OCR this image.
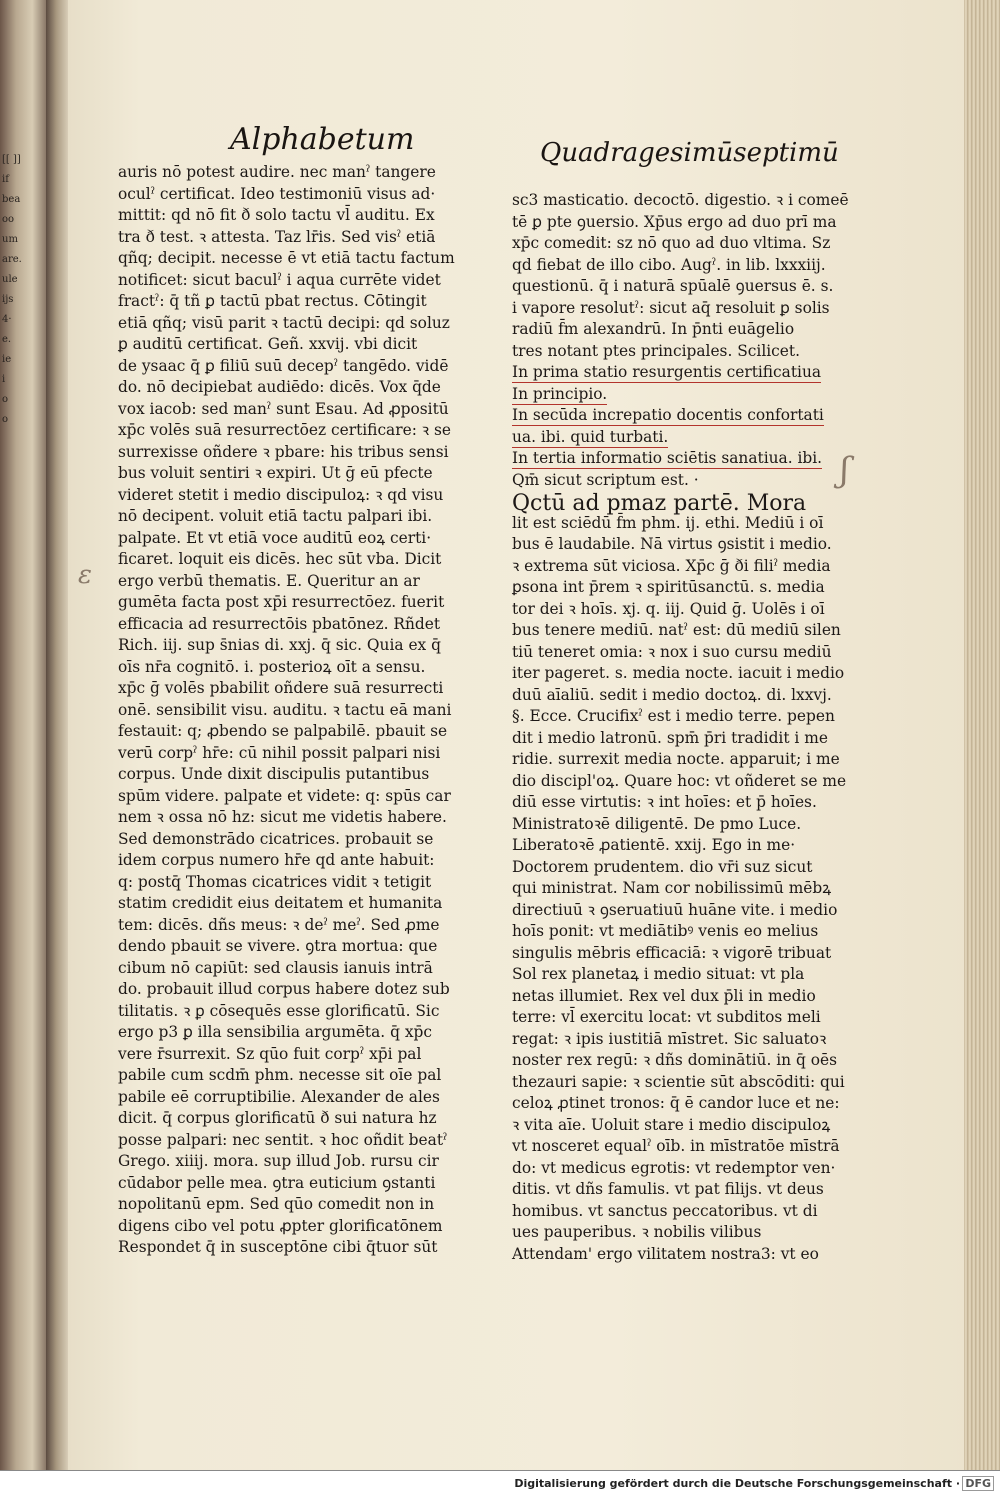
[[ ]]
if
bea
oo
um
are.
ule
ijs
4·
e.
ie
i
o
o
Alphabetum	Quadragesimūseptimū
auris nō potest audire. nec manˀ tangere
oculˀ certificat. Ideo testimoniū visus ad·
mittit: qd nō fit ð solo tactu vl̄ auditu. Ex
tra ð test. ꝛ attesta. Taz lr̄is. Sed visˀ etiā
qñq; decipit. necesse ē vt etiā tactu factum
notificet: sicut baculˀ i aqua currēte videt
fractˀ: q̄ tñ ꝑ tactū pbat rectus. Cōtingit
etiā qñq; visū parit ꝛ tactū decipi: qd soluz
ꝑ auditū certificat. Geñ. xxvij. vbi dicit
de ysaac q̄ ꝑ filiū suū decepˀ tangēdo. vidē
do. nō decipiebat audiēdo: dicēs. Vox q̄de
vox iacob: sed manˀ sunt Esau. Ad ꝓpositū
xp̄c volēs suā resurrectōez certificare: ꝛ se
surrexisse oñdere ꝛ pbare: his tribus sensi
bus voluit sentiri ꝛ expiri. Ut ḡ eū pfecte
videret stetit i medio discipuloꝝ: ꝛ qd visu
nō decipent. voluit etiā tactu palpari ibi.
palpate. Et vt etiā voce auditū eoꝝ certi·
ficaret. loquit eis dicēs. hec sūt vba. Dicit
ergo verbū thematis. E. Queritur an ar
gumēta facta post xp̄i resurrectōez. fuerit
efficacia ad resurrectōis pbatōnez. Rñdet
Rich. iij. sup s̄nias di. xxj. q̄ sic. Quia ex q̄
oīs nr̄a cognitō. i. posterioꝝ oīt a sensu.
xp̄c ḡ volēs pbabilit oñdere suā resurrecti
onē. sensibilit visu. auditu. ꝛ tactu eā mani
festauit: q; ꝓbendo se palpabilē. pbauit se
verū corpˀ hr̄e: cū nihil possit palpari nisi
corpus. Unde dixit discipulis putantibus
spūm videre. palpate et videte: q: spūs car
nem ꝛ ossa nō hz: sicut me videtis habere.
Sed demonstrādo cicatrices. probauit se
idem corpus numero hr̄e qd ante habuit:
q: postq̄ Thomas cicatrices vidit ꝛ tetigit
statim credidit eius deitatem et humanita
tem: dicēs. dñs meus: ꝛ deˀ meˀ. Sed ꝓme
dendo pbauit se vivere. ꝯtra mortua: que
cibum nō capiūt: sed clausis ianuis intrā
do. probauit illud corpus habere dotez sub
tilitatis. ꝛ ꝑ cōsequēs esse glorificatū. Sic
ergo p3 ꝑ illa sensibilia argumēta. q̄ xp̄c
vere r̄surrexit. Sz qūo fuit corpˀ xp̄i pal
pabile cum scdm̄ phm. necesse sit oīe pal
pabile eē corruptibilie. Alexander de ales
dicit. q̄ corpus glorificatū ð sui natura hz
posse palpari: nec sentit. ꝛ hoc oñdit beatˀ
Grego. xiiij. mora. sup illud Job. rursu cir
cūdabor pelle mea. ꝯtra euticium ꝯstanti
nopolitanū epm. Sed qūo comedit non in
digens cibo vel potu ꝓpter glorificatōnem
Respondet q̄ in susceptōne cibi q̄tuor sūt
sc3 masticatio. decoctō. digestio. ꝛ i comeē
tē ꝑ pte ꝯuersio. Xp̄us ergo ad duo prī ma
xp̄c comedit: sz nō quo ad duo vltima. Sz
qd fiebat de illo cibo. Augˀ. in lib. lxxxiij.
questionū. q̄ i naturā spūalē ꝯuersus ē. s.
i vapore resolutˀ: sicut aq̄ resoluit ꝑ solis
radiū f̄m alexandrū. In p̄nti euāgelio
tres notant ptes principales. Scilicet.
In prima statio resurgentis certificatiua
In principio.
In secūda increpatio docentis confortati
ua. ibi. quid turbati.
In tertia informatio sciētis sanatiua. ibi.
Qm̄ sicut scriptum est. ·
Qctū ad pmaz partē. Mora
lit est sciēdū f̄m phm. ij. ethi. Mediū i oī
bus ē laudabile. Nā virtus ꝯsistit i medio.
ꝛ extrema sūt viciosa. Xp̄c ḡ ði filiˀ media
ꝑsona int p̄rem ꝛ spiritūsanctū. s. media
tor dei ꝛ hoīs. xj. q. iij. Quid ḡ. Uolēs i oī
bus tenere mediū. natˀ est: dū mediū silen
tiū teneret omia: ꝛ nox i suo cursu mediū
iter pageret. s. media nocte. iacuit i medio
duū aīaliū. sedit i medio doctoꝝ. di. lxxvj.
§. Ecce. Crucifixˀ est i medio terre. pepen
dit i medio latronū. spm̄ p̄ri tradidit i me
ridie. surrexit media nocte. apparuit; i me
dio discipl'oꝝ. Quare hoc: vt oñderet se me
diū esse virtutis: ꝛ int hoīes: et p̄ hoīes.
Ministratoꝛē diligentē. De pmo Luce.
Liberatoꝛē ꝓatientē. xxij. Ego in me·
Doctorem prudentem. dio vr̄i suz sicut
qui ministrat. Nam cor nobilissimū mēbꝝ
directiuū ꝛ ꝯseruatiuū huāne vite. i medio
hoīs ponit: vt mediātibꝰ venis eo melius
singulis mēbris efficaciā: ꝛ vigorē tribuat
Sol rex planetaꝝ i medio situat: vt pla
netas illumiet. Rex vel dux p̄li in medio
terre: vl̄ exercitu locat: vt subditos meli
regat: ꝛ ipis iustitiā mīstret. Sic saluatoꝛ
noster rex regū: ꝛ dñs dominātiū. in q̄ oēs
thezauri sapie: ꝛ scientie sūt abscōditi: qui
celoꝝ ꝓtinet tronos: q̄ ē candor luce et ne:
ꝛ vita aīe. Uoluit stare i medio discipuloꝝ
vt nosceret equalˀ oīb. in mīstratōe mīstrā
do: vt medicus egrotis: vt redemptor ven·
ditis. vt dñs famulis. vt pat filijs. vt deus
homibus. vt sanctus peccatoribus. vt di
ues pauperibus. ꝛ nobilis vilibus
Attendam' ergo vilitatem nostra3: vt eo
ε
ʃ
Digitalisierung gefördert durch die Deutsche Forschungsgemeinschaft · DFG
